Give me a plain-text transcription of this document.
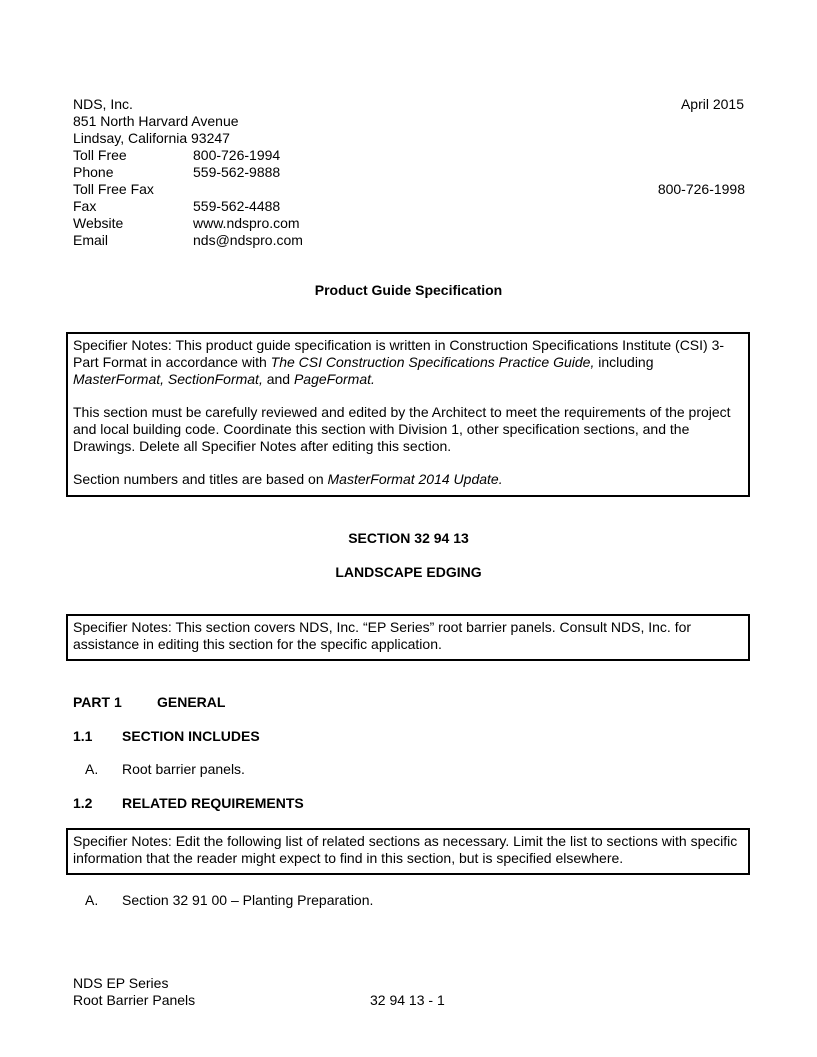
NDS, Inc.	April 2015
851 North Harvard Avenue
Lindsay, California 93247
Toll Free	800-726-1994
Phone	559-562-9888
Toll Free Fax	800-726-1998
Fax	559-562-4488
Website	www.ndspro.com
Email	nds@ndspro.com
Product Guide Specification

Specifier Notes: This product guide specification is written in Construction Specifications Institute (CSI) 3-Part Format in accordance with The CSI Construction Specifications Practice Guide, including MasterFormat, SectionFormat, and PageFormat.

This section must be carefully reviewed and edited by the Architect to meet the requirements of the project and local building code. Coordinate this section with Division 1, other specification sections, and the Drawings. Delete all Specifier Notes after editing this section.

Section numbers and titles are based on MasterFormat 2014 Update.

SECTION 32 94 13
LANDSCAPE EDGING

Specifier Notes: This section covers NDS, Inc. “EP Series” root barrier panels. Consult NDS, Inc. for assistance in editing this section for the specific application.

PART 1	GENERAL
1.1 SECTION INCLUDES
A. Root barrier panels.
1.2 RELATED REQUIREMENTS

Specifier Notes: Edit the following list of related sections as necessary. Limit the list to sections with specific information that the reader might expect to find in this section, but is specified elsewhere.

A. Section 32 91 00 – Planting Preparation.
NDS EP Series
Root Barrier Panels	32 94 13 - 1
